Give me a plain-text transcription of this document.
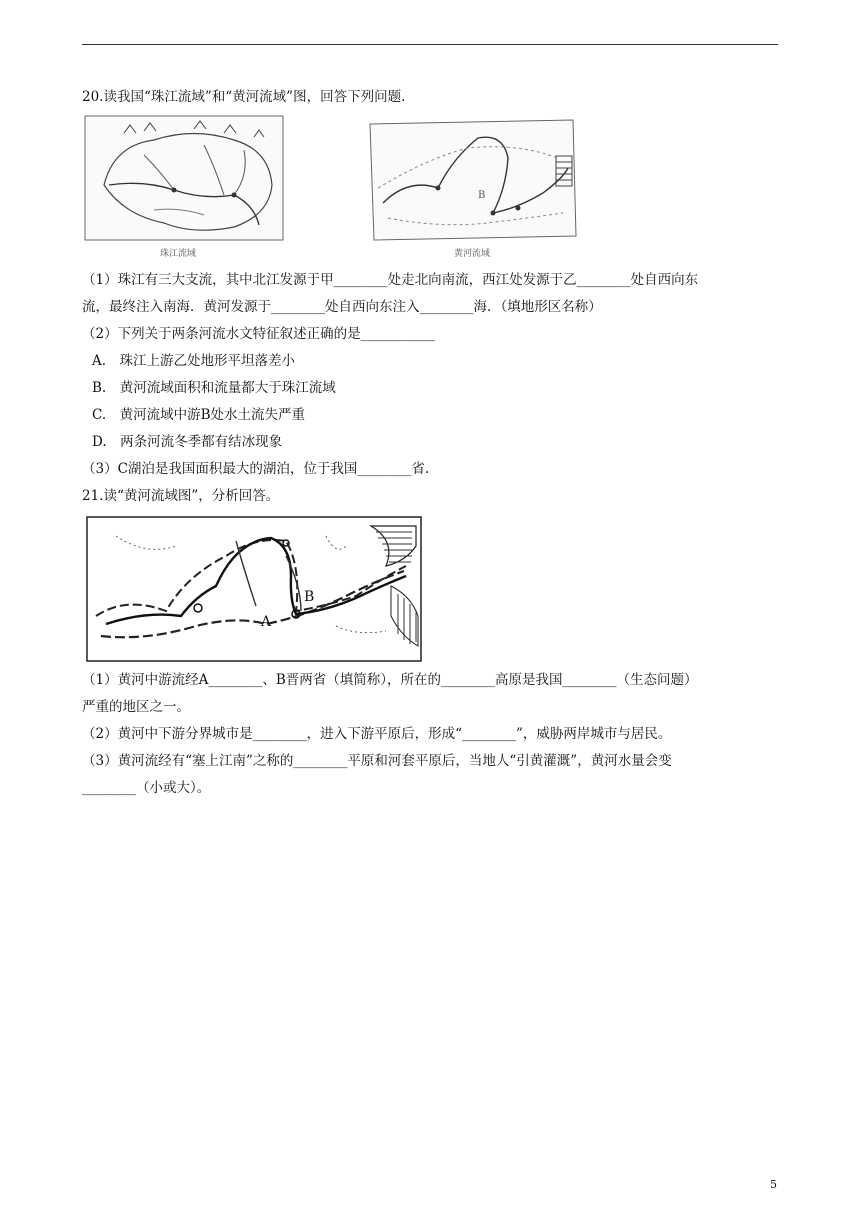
20.读我国“珠江流域”和“黄河流域”图，回答下列问题.
珠江流域
B
黄河流域
（1）珠江有三大支流，其中北江发源于甲________处走北向南流，西江处发源于乙________处自西向东
流，最终注入南海．黄河发源于________处自西向东注入________海．（填地形区名称）
（2）下列关于两条河流水文特征叙述正确的是___________
A.　珠江上游乙处地形平坦落差小
B.　黄河流域面积和流量都大于珠江流域
C.　黄河流域中游B处水土流失严重
D.　两条河流冬季都有结冰现象
（3）C湖泊是我国面积最大的湖泊，位于我国________省.
21.读“黄河流域图”，分析回答。
A
B
（1）黄河中游流经A________、B晋两省（填简称），所在的________高原是我国________（生态问题）
严重的地区之一。
（2）黄河中下游分界城市是________，进入下游平原后，形成“________”，威胁两岸城市与居民。
（3）黄河流经有“塞上江南”之称的________平原和河套平原后，当地人“引黄灌溉”，黄河水量会变
________（小或大）。
5
